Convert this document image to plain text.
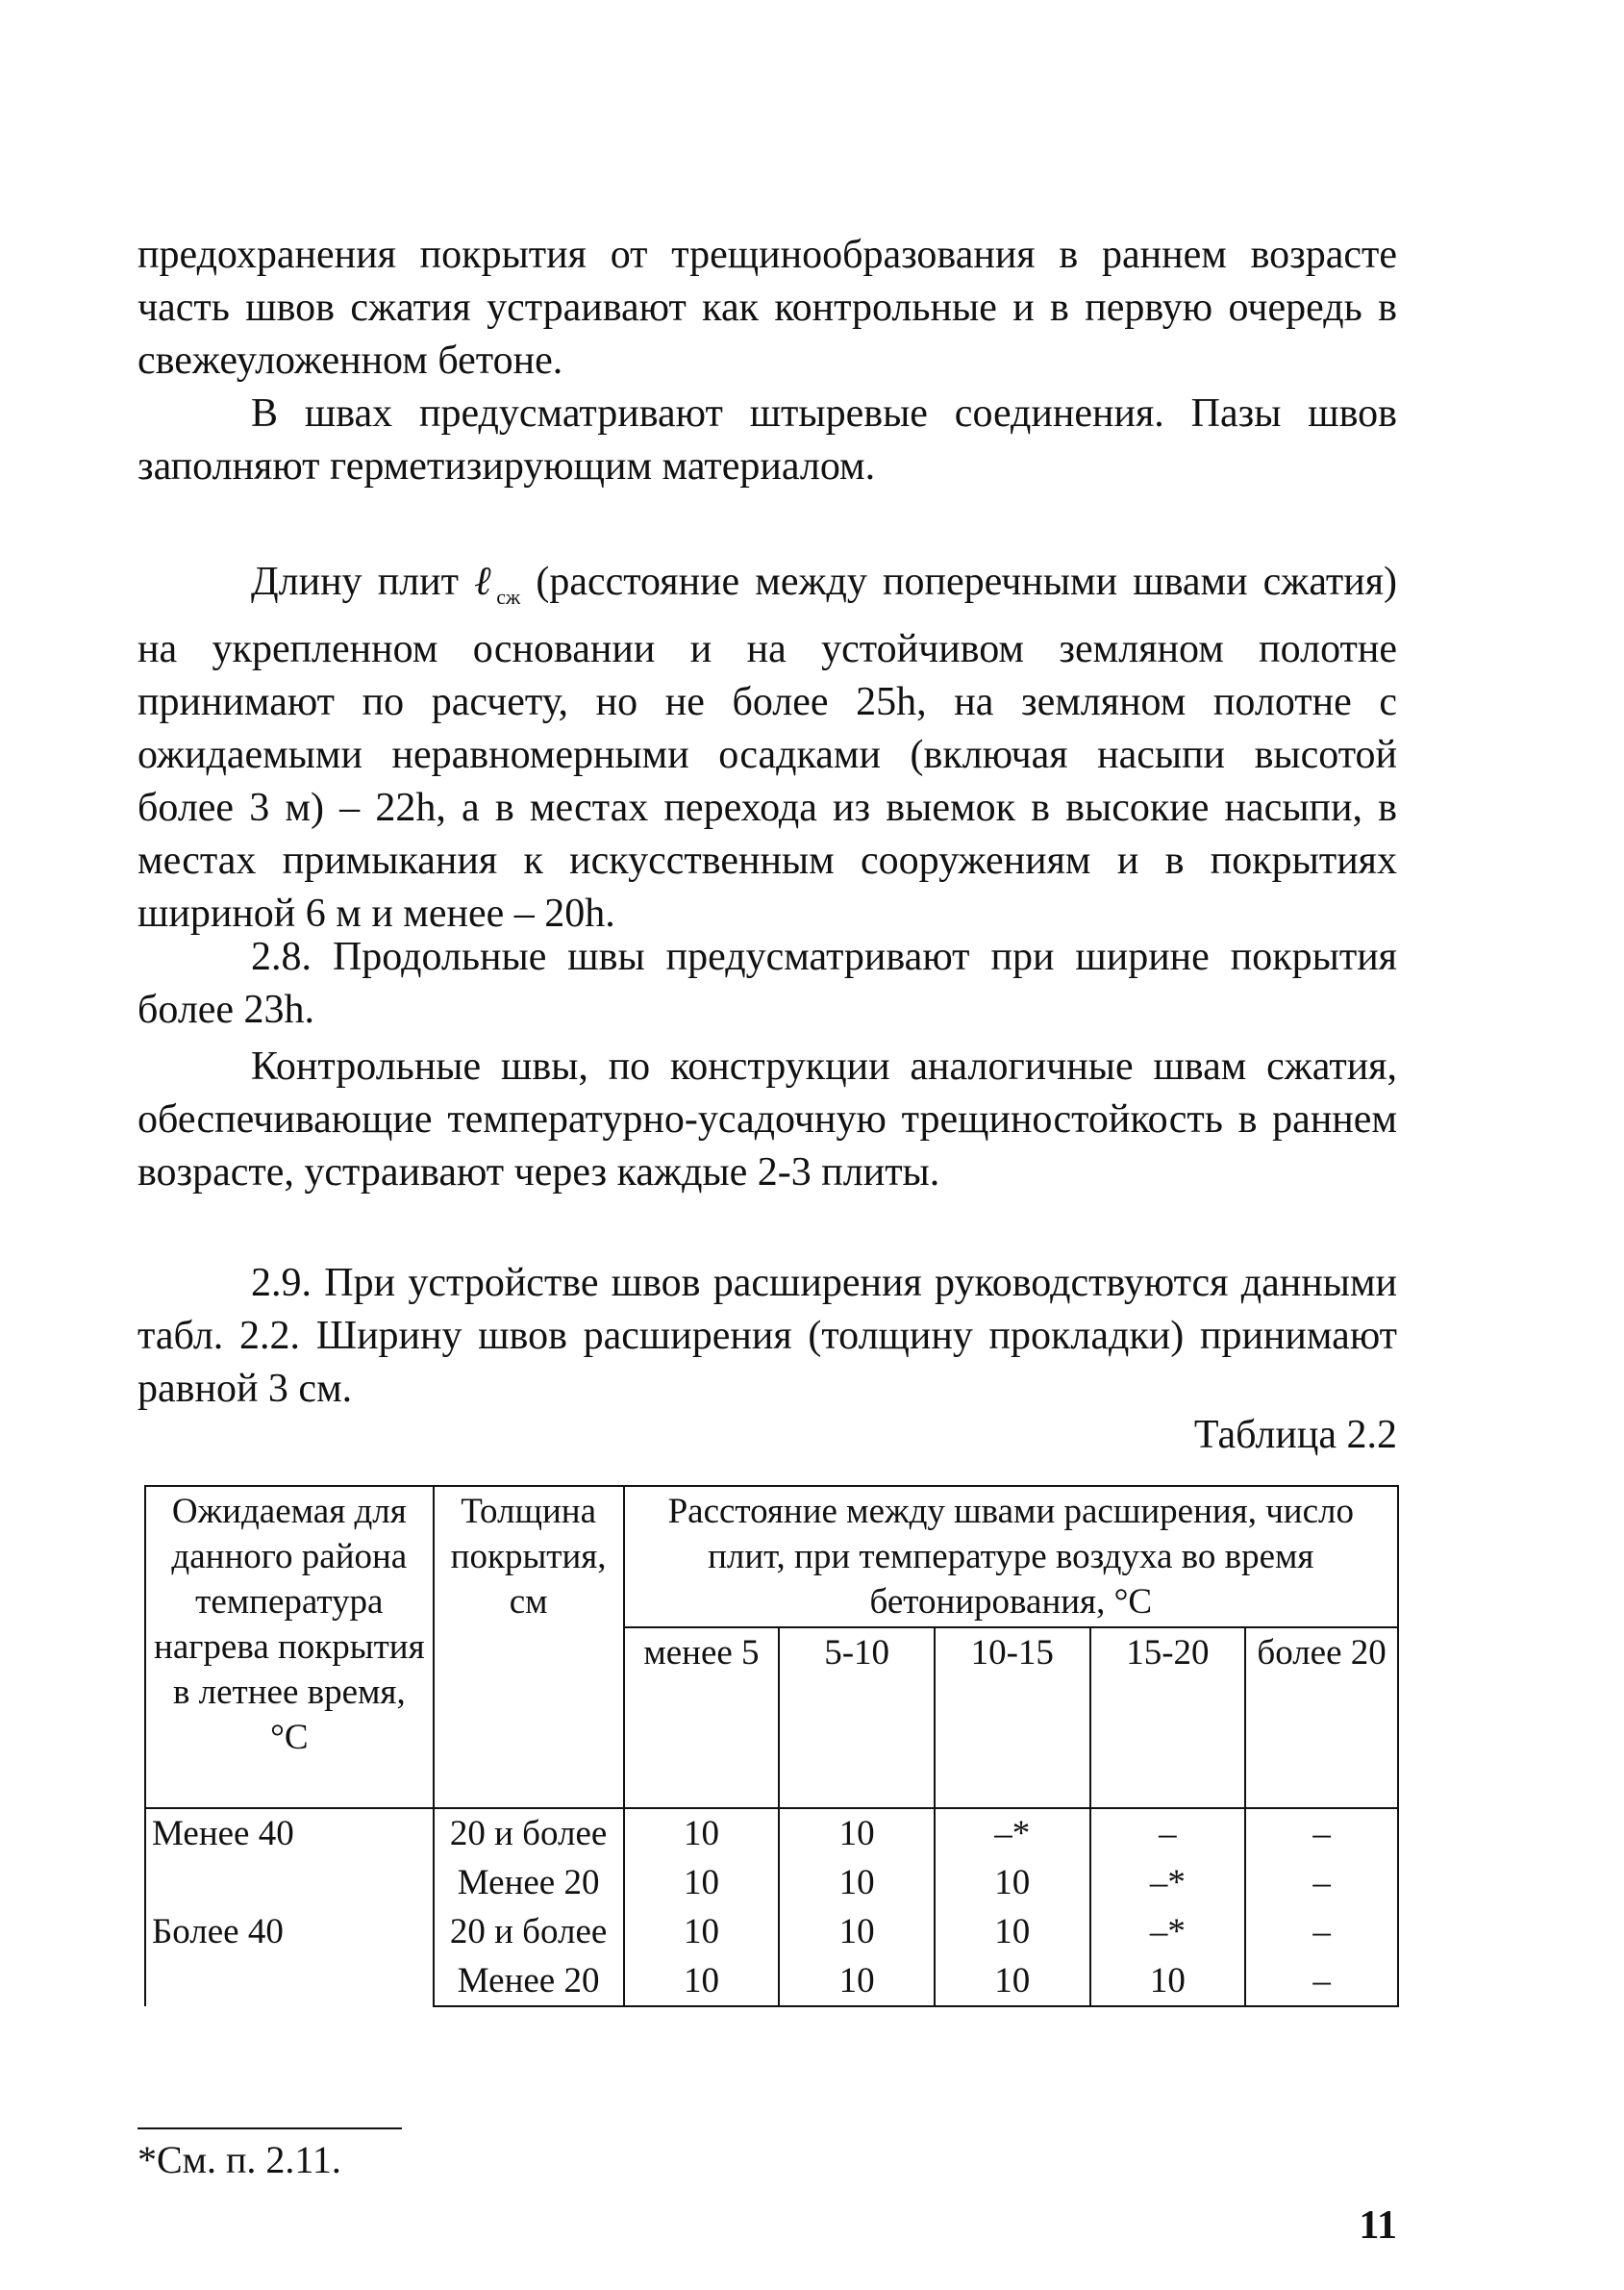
предохранения покрытия от трещинообразования в раннем возрасте часть швов сжатия устраивают как контрольные и в первую очередь в свежеуложенном бетоне.

В швах предусматривают штыревые соединения. Пазы швов заполняют герметизирующим материалом.

Длину плит ℓ$_{сж}$ (расстояние между поперечными швами сжатия) на укрепленном основании и на устойчивом земляном полотне принимают по расчету, но не более 25h, на земляном полотне с ожидаемыми неравномерными осадками (включая насыпи высотой более 3 м) – 22h, а в местах перехода из выемок в высокие насыпи, в местах примыкания к искусственным сооружениям и в покрытиях шириной 6 м и менее – 20h.

2.8. Продольные швы предусматривают при ширине покрытия более 23h.

Контрольные швы, по конструкции аналогичные швам сжатия, обеспечивающие температурно-усадочную трещиностойкость в раннем возрасте, устраивают через каждые 2-3 плиты.

2.9. При устройстве швов расширения руководствуются данными табл. 2.2. Ширину швов расширения (толщину прокладки) принимают равной 3 см.

Таблица 2.2
Ожидаемая для данного района температура нагрева покрытия в летнее время, °С	Толщина покрытия, см	Расстояние между швами расширения, число плит, при температуре воздуха во время бетонирования, °С				
		менее 5	5-10	10-15	15-20	более 20
Менее 40	20 и более	10	10	–*	–	–
	Менее 20	10	10	10	–*	–
Более 40	20 и более	10	10	10	–*	–
	Менее 20	10	10	10	10	–
*См. п. 2.11.
11
